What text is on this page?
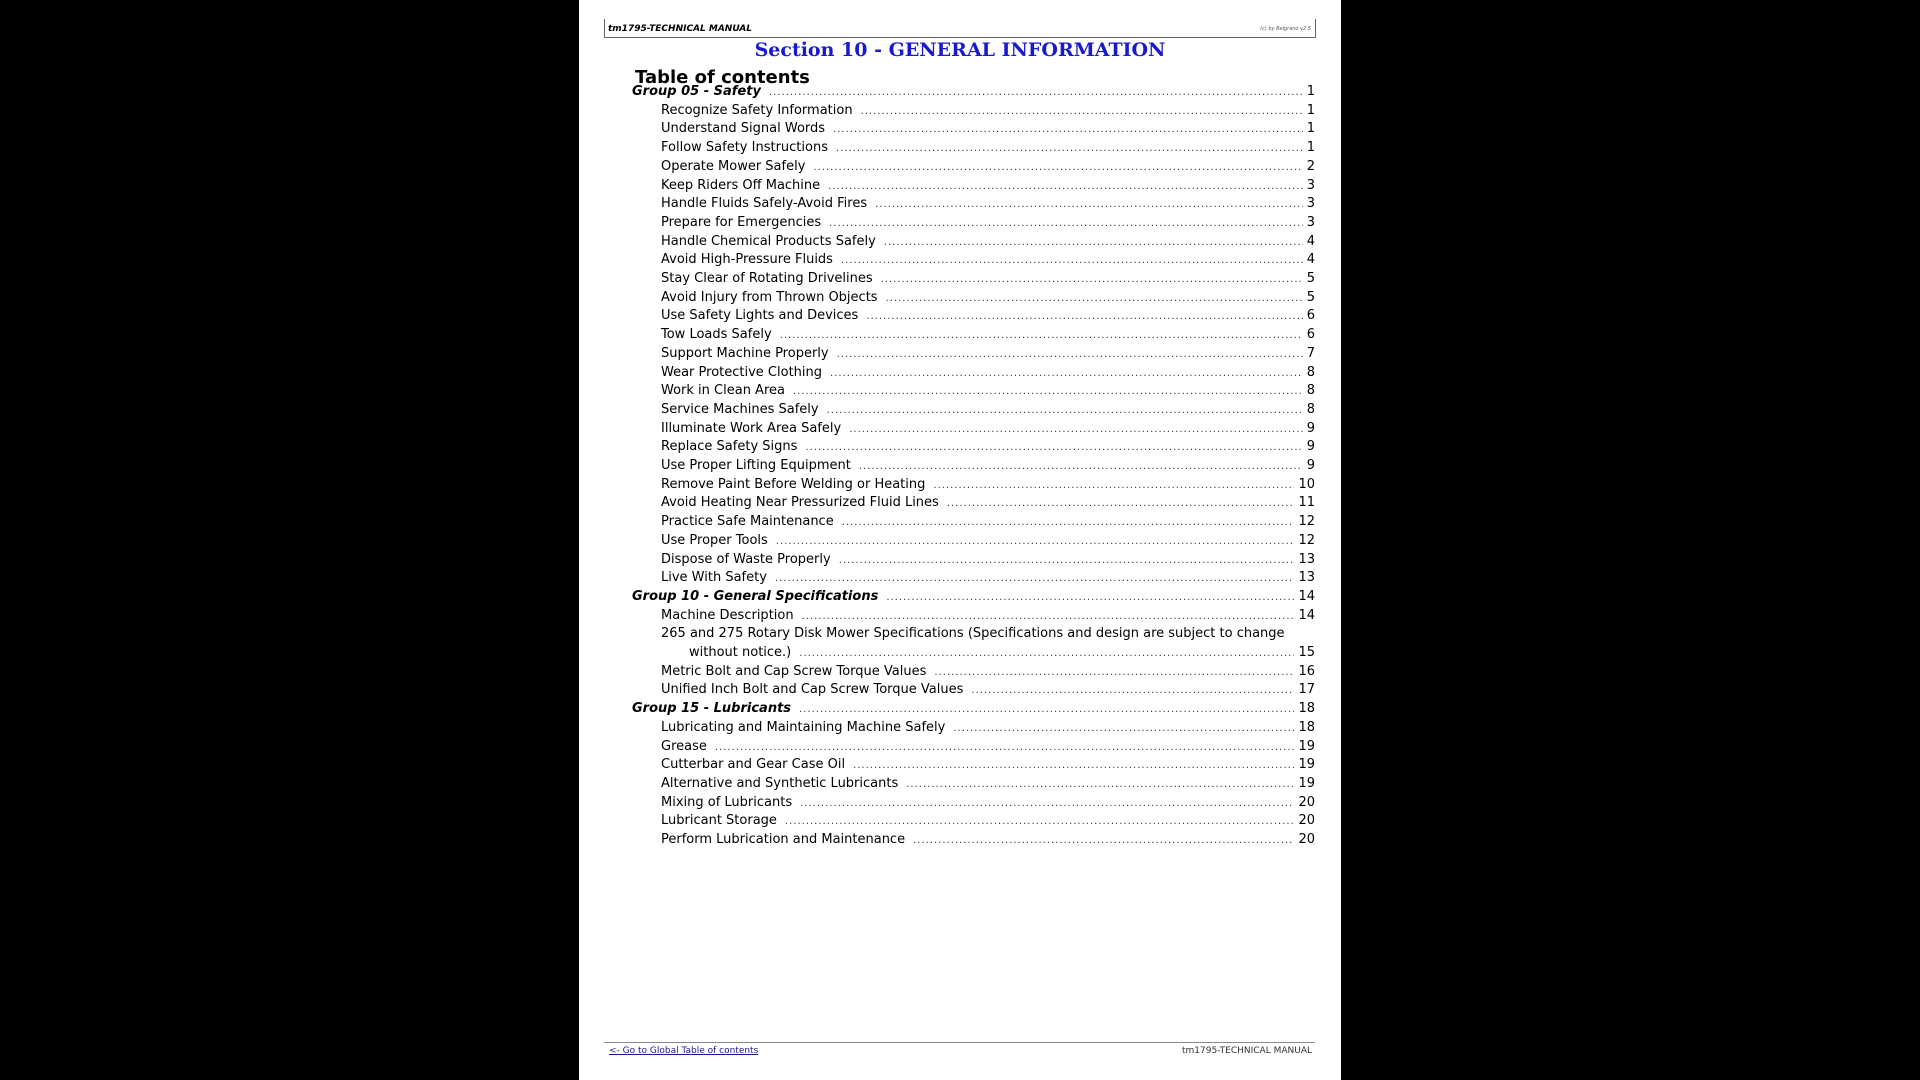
tm1795-TECHNICAL MANUAL	(c) by Belgrano v2.5
Section 10 - GENERAL INFORMATION
Table of contents
Group 05 - Safety .....	1
Recognize Safety Information .....	1
Understand Signal Words .....	1
Follow Safety Instructions .....	1
Operate Mower Safely .....	2
Keep Riders Off Machine .....	3
Handle Fluids Safely-Avoid Fires .....	3
Prepare for Emergencies .....	3
Handle Chemical Products Safely .....	4
Avoid High-Pressure Fluids .....	4
Stay Clear of Rotating Drivelines .....	5
Avoid Injury from Thrown Objects .....	5
Use Safety Lights and Devices .....	6
Tow Loads Safely .....	6
Support Machine Properly .....	7
Wear Protective Clothing .....	8
Work in Clean Area .....	8
Service Machines Safely .....	8
Illuminate Work Area Safely .....	9
Replace Safety Signs .....	9
Use Proper Lifting Equipment .....	9
Remove Paint Before Welding or Heating .....	10
Avoid Heating Near Pressurized Fluid Lines .....	11
Practice Safe Maintenance .....	12
Use Proper Tools .....	12
Dispose of Waste Properly .....	13
Live With Safety .....	13
Group 10 - General Specifications .....	14
Machine Description .....	14
265 and 275 Rotary Disk Mower Specifications (Specifications and design are subject to change
without notice.) .....	15
Metric Bolt and Cap Screw Torque Values .....	16
Unified Inch Bolt and Cap Screw Torque Values .....	17
Group 15 - Lubricants .....	18
Lubricating and Maintaining Machine Safely .....	18
Grease .....	19
Cutterbar and Gear Case Oil .....	19
Alternative and Synthetic Lubricants .....	19
Mixing of Lubricants .....	20
Lubricant Storage .....	20
Perform Lubrication and Maintenance .....	20
<- Go to Global Table of contents	tm1795-TECHNICAL MANUAL
